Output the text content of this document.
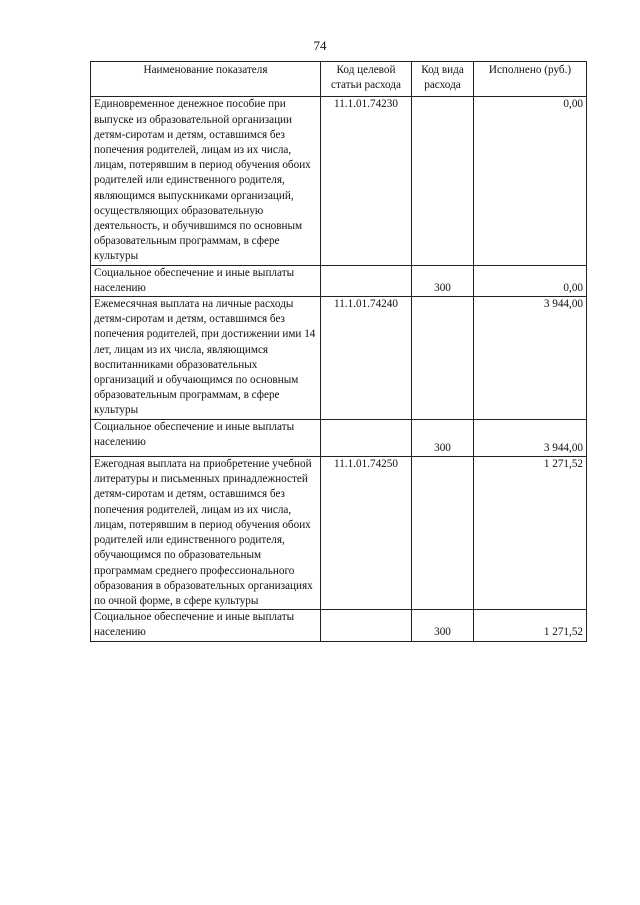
74
Наименование показателя	Код целевой статьи расхода	Код вида расхода	Исполнено (руб.)
Единовременное денежное пособие при выпуске из образовательной организации детям-сиротам и детям, оставшимся без попечения родителей, лицам из их числа, лицам, потерявшим в период обучения обоих родителей или единственного родителя, являющимся выпускниками организаций, осуществляющих образовательную деятельность, и обучившимся по основным образовательным программам, в сфере культуры	11.1.01.74230		0,00
Социальное обеспечение и иные выплаты населению		300	0,00
Ежемесячная выплата на личные расходы детям-сиротам и детям, оставшимся без попечения родителей, при достижении ими 14 лет, лицам из их числа, являющимся воспитанниками образовательных организаций и обучающимся по основным образовательным программам, в сфере культуры	11.1.01.74240		3 944,00
Социальное обеспечение и иные выплаты населению		300	3 944,00
Ежегодная выплата на приобретение учебной литературы и письменных принадлежностей детям-сиротам и детям, оставшимся без попечения родителей, лицам из их числа, лицам, потерявшим в период обучения обоих родителей или единственного родителя, обучающимся по образовательным программам среднего профессионального образования в образовательных организациях по очной форме, в сфере культуры	11.1.01.74250		1 271,52
Социальное обеспечение и иные выплаты населению		300	1 271,52
